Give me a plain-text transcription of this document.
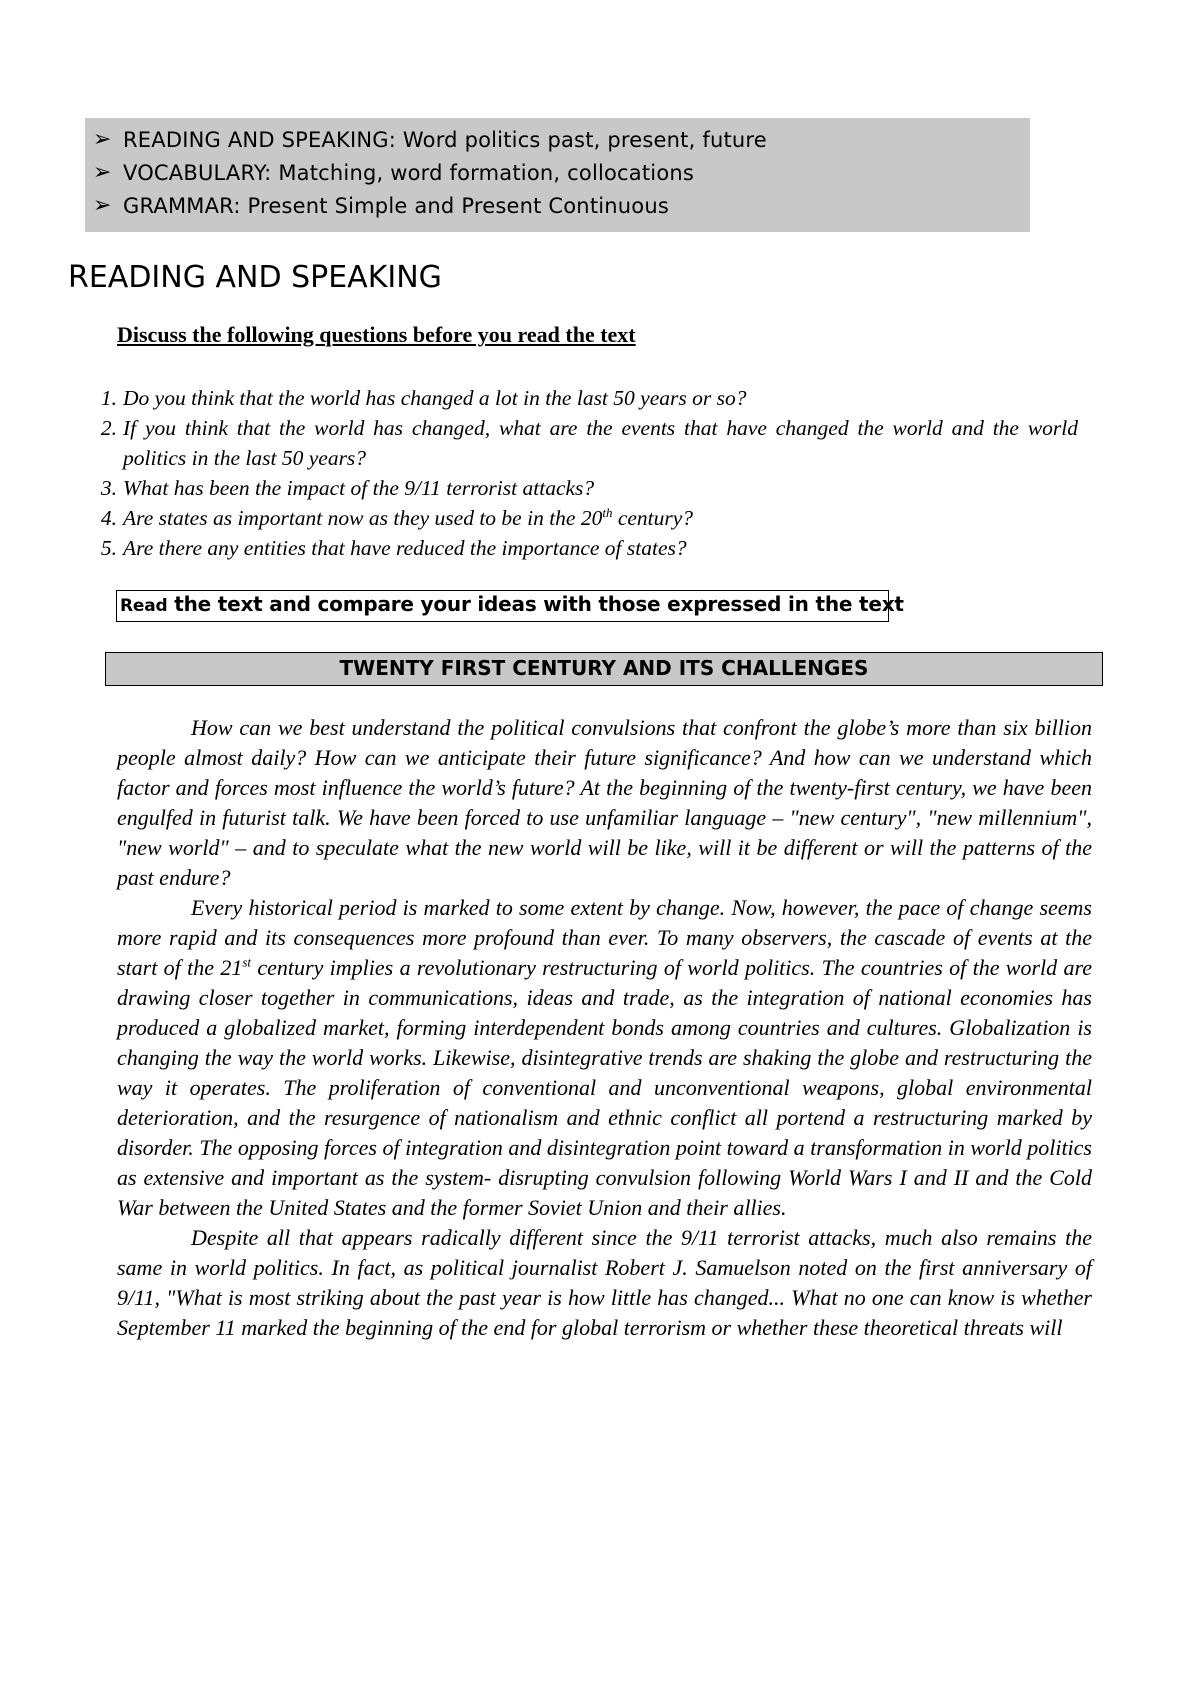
➢ READING AND SPEAKING:
Word politics past, present, future
➢ VOCABULARY:
Matching, word formation, collocations
➢ GRAMMAR:
Present Simple and Present Continuous
READING AND SPEAKING
Discuss the following questions before you read the text
1. Do you think that the world has changed a lot in the last 50 years or so?
2. If you think that the world has changed, what are the events that have changed the world and the world politics in the last 50 years?
3. What has been the impact of the 9/11 terrorist attacks?
4. Are states as important now as they used to be in the 20th century?
5. Are there any entities that have reduced the importance of states?
Read the text and compare your ideas with those expressed in the text
TWENTY FIRST CENTURY AND ITS CHALLENGES

How can we best understand the political convulsions that confront the globe’s more than six billion people almost daily? How can we anticipate their future significance? And how can we understand which factor and forces most influence the world’s future? At the beginning of the twenty-first century, we have been engulfed in futurist talk. We have been forced to use unfamiliar language – "new century", "new millennium", "new world" – and to speculate what the new world will be like, will it be different or will the patterns of the past endure?

Every historical period is marked to some extent by change. Now, however, the pace of change seems more rapid and its consequences more profound than ever. To many observers, the cascade of events at the start of the 21st century implies a revolutionary restructuring of world politics. The countries of the world are drawing closer together in communications, ideas and trade, as the integration of national economies has produced a globalized market, forming interdependent bonds among countries and cultures. Globalization is changing the way the world works. Likewise, disintegrative trends are shaking the globe and restructuring the way it operates. The proliferation of conventional and unconventional weapons, global environmental deterioration, and the resurgence of nationalism and ethnic conflict all portend a restructuring marked by disorder. The opposing forces of integration and disintegration point toward a transformation in world politics as extensive and important as the system- disrupting convulsion following World Wars I and II and the Cold War between the United States and the former Soviet Union and their allies.

Despite all that appears radically different since the 9/11 terrorist attacks, much also remains the same in world politics. In fact, as political journalist Robert J. Samuelson noted on the first anniversary of 9/11, "What is most striking about the past year is how little has changed... What no one can know is whether September 11 marked the beginning of the end for global terrorism or whether these theoretical threats will
